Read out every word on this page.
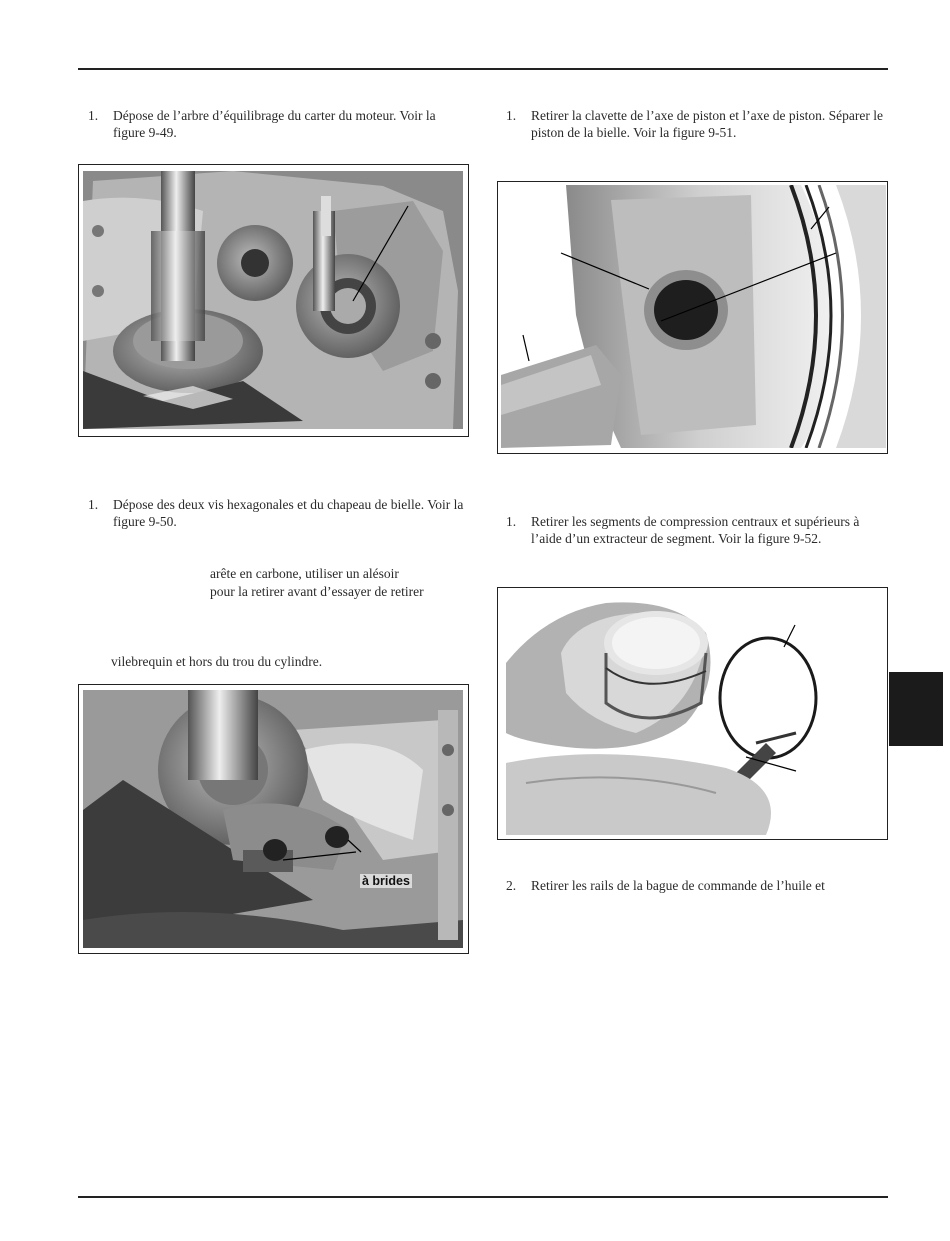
1.	Dépose de l’arbre d’équilibrage du carter du moteur. Voir la figure 9-49.
1.	Dépose des deux vis hexagonales et du chapeau de bielle. Voir la figure 9-50.
arête en carbone, utiliser un alésoir
pour la retirer avant d’essayer de retirer
vilebrequin et hors du trou du cylindre.
à brides
1.	Retirer la clavette de l’axe de piston et l’axe de piston. Séparer le piston de la bielle. Voir la figure 9-51.
1.	Retirer les segments de compression centraux et supérieurs à l’aide d’un extracteur de segment. Voir la figure 9-52.
2.	Retirer les rails de la bague de commande de l’huile et
